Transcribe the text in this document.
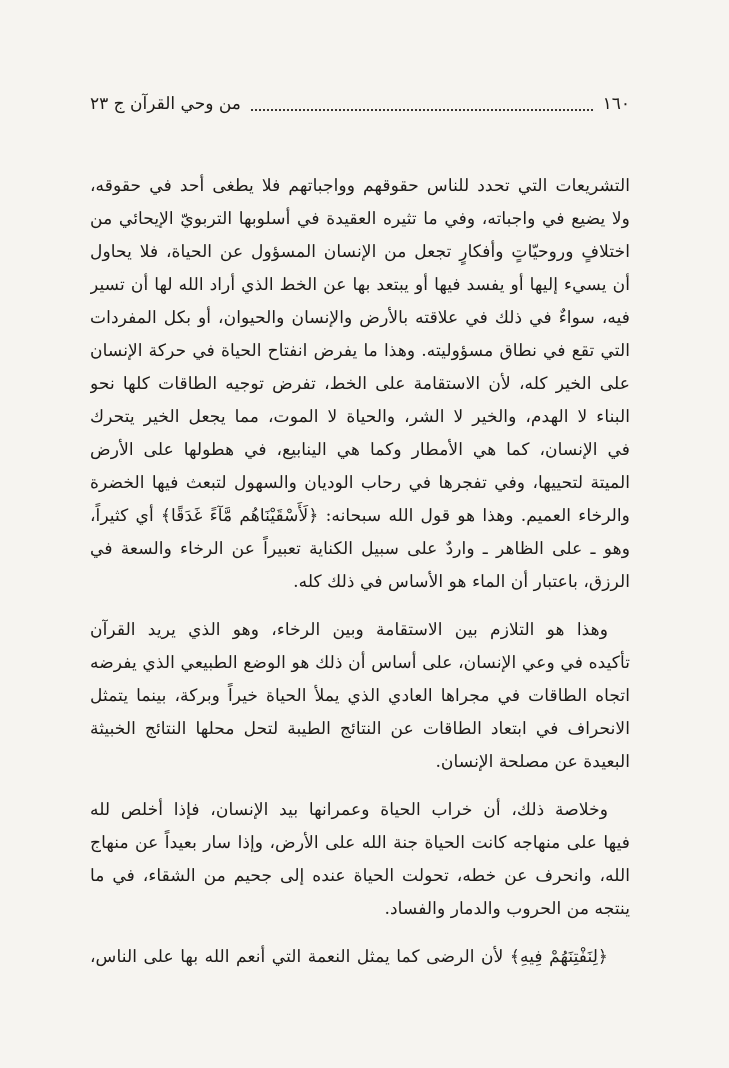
١٦٠
من وحي القرآن ج ٢٣
التشريعات التي تحدد للناس حقوقهم وواجباتهم فلا يطغى أحد في حقوقه،
ولا يضيع في واجباته، وفي ما تثيره العقيدة في أسلوبها التربويّ الإيحائي من
اختلافٍ وروحيّاتٍ وأفكارٍ تجعل من الإنسان المسؤول عن الحياة، فلا يحاول
أن يسيء إليها أو يفسد فيها أو يبتعد بها عن الخط الذي أراد الله لها أن تسير
فيه، سواءٌ في ذلك في علاقته بالأرض والإنسان والحيوان، أو بكل المفردات
التي تقع في نطاق مسؤوليته. وهذا ما يفرض انفتاح الحياة في حركة الإنسان
على الخير كله، لأن الاستقامة على الخط، تفرض توجيه الطاقات كلها نحو
البناء لا الهدم، والخير لا الشر، والحياة لا الموت، مما يجعل الخير يتحرك
في الإنسان، كما هي الأمطار وكما هي الينابيع، في هطولها على الأرض
الميتة لتحييها، وفي تفجرها في رحاب الوديان والسهول لتبعث فيها الخضرة
والرخاء العميم. وهذا هو قول الله سبحانه: ﴿لَأَسْقَيْنَاهُم مَّآءً غَدَقًا﴾ أي كثيراً،
وهو ـ على الظاهر ـ واردٌ على سبيل الكناية تعبيراً عن الرخاء والسعة في
الرزق، باعتبار أن الماء هو الأساس في ذلك كله.
وهذا هو التلازم بين الاستقامة وبين الرخاء، وهو الذي يريد القرآن
تأكيده في وعي الإنسان، على أساس أن ذلك هو الوضع الطبيعي الذي يفرضه
اتجاه الطاقات في مجراها العادي الذي يملأ الحياة خيراً وبركة، بينما يتمثل
الانحراف في ابتعاد الطاقات عن النتائج الطيبة لتحل محلها النتائج الخبيثة
البعيدة عن مصلحة الإنسان.
وخلاصة ذلك، أن خراب الحياة وعمرانها بيد الإنسان، فإذا أخلص لله
فيها على منهاجه كانت الحياة جنة الله على الأرض، وإذا سار بعيداً عن منهاج
الله، وانحرف عن خطه، تحولت الحياة عنده إلى جحيم من الشقاء، في ما
ينتجه من الحروب والدمار والفساد.
﴿لِنَفْتِنَهُمْ فِيهِ﴾ لأن الرضى كما يمثل النعمة التي أنعم الله بها على الناس،
